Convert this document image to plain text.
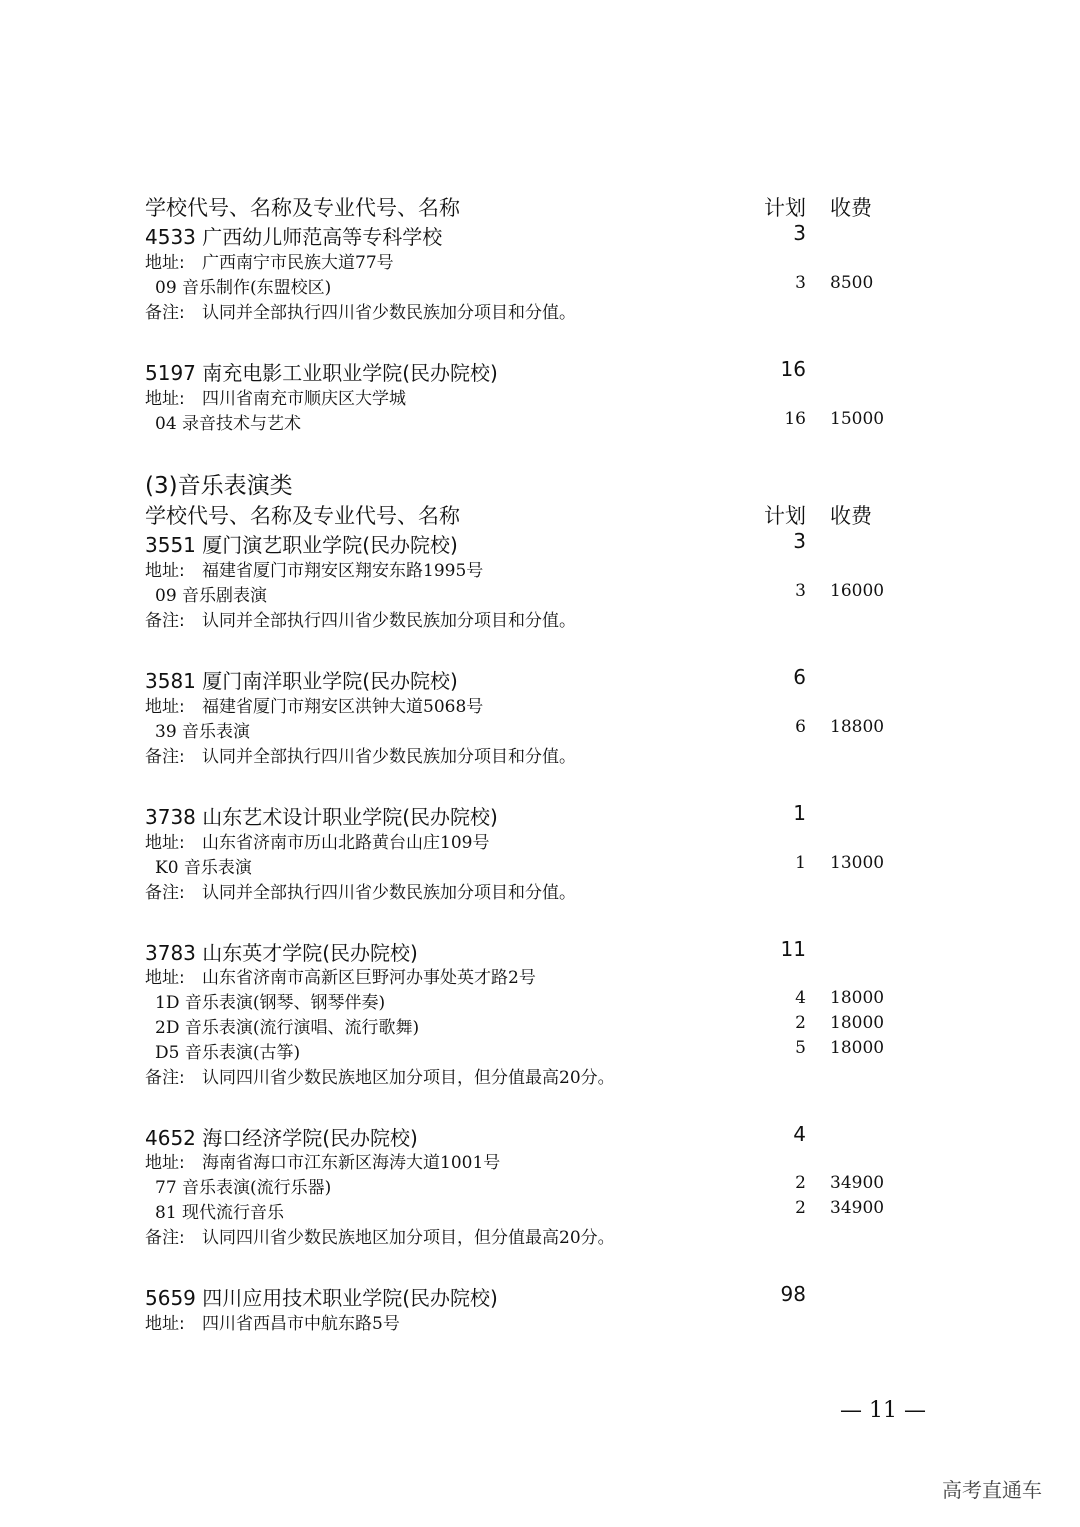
学校代号、名称及专业代号、名称	计划 收费
4533 广西幼儿师范高等专科学校	3
地址: 广西南宁市民族大道77号
09 音乐制作(东盟校区)	3 8500
备注: 认同并全部执行四川省少数民族加分项目和分值。
5197 南充电影工业职业学院(民办院校)	16
地址: 四川省南充市顺庆区大学城
04 录音技术与艺术	16 15000
(3)音乐表演类
学校代号、名称及专业代号、名称	计划 收费
3551 厦门演艺职业学院(民办院校)	3
地址: 福建省厦门市翔安区翔安东路1995号
09 音乐剧表演	3 16000
备注: 认同并全部执行四川省少数民族加分项目和分值。
3581 厦门南洋职业学院(民办院校)	6
地址: 福建省厦门市翔安区洪钟大道5068号
39 音乐表演	6 18800
备注: 认同并全部执行四川省少数民族加分项目和分值。
3738 山东艺术设计职业学院(民办院校)	1
地址: 山东省济南市历山北路黄台山庄109号
K0 音乐表演	1 13000
备注: 认同并全部执行四川省少数民族加分项目和分值。
3783 山东英才学院(民办院校)	11
地址: 山东省济南市高新区巨野河办事处英才路2号
1D 音乐表演(钢琴、钢琴伴奏)	4 18000
2D 音乐表演(流行演唱、流行歌舞)	2 18000
D5 音乐表演(古筝)	5 18000
备注: 认同四川省少数民族地区加分项目，但分值最高20分。
4652 海口经济学院(民办院校)	4
地址: 海南省海口市江东新区海涛大道1001号
77 音乐表演(流行乐器)	2 34900
81 现代流行音乐	2 34900
备注: 认同四川省少数民族地区加分项目，但分值最高20分。
5659 四川应用技术职业学院(民办院校)	98
地址: 四川省西昌市中航东路5号
— 11 —
高考直通车
